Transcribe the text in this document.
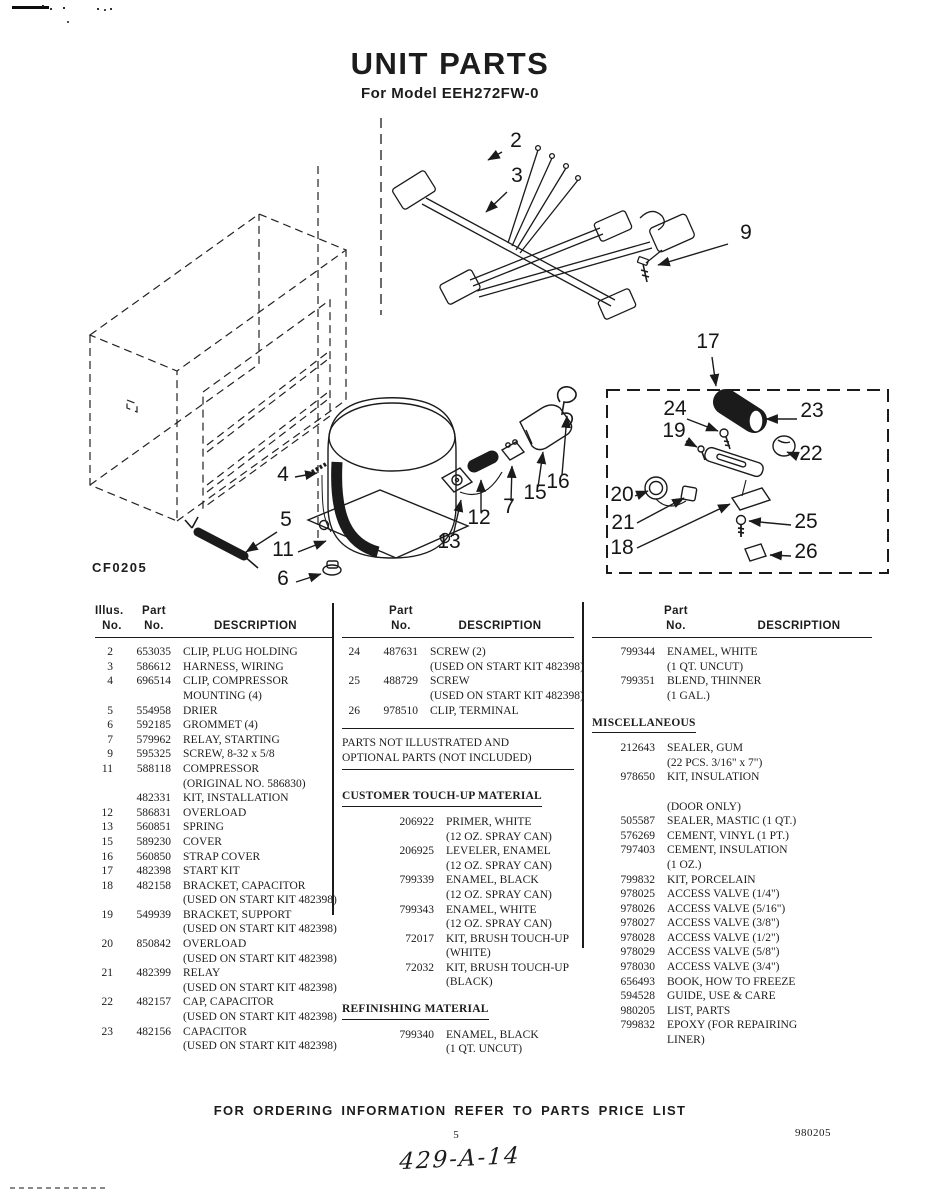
UNIT PARTS
For Model EEH272FW-0
2
3
9
4
5
11
6
13
12 7
15 16
17
24
19
23
22
20
21
18
25
26
CF0205
Illus.	Part
No.	No.	DESCRIPTION
2	653035 CLIP, PLUG HOLDING
3	586612 HARNESS, WIRING
4	696514 CLIP, COMPRESSOR
MOUNTING (4)
5	554958 DRIER
6	592185 GROMMET (4)
7	579962 RELAY, STARTING
9	595325 SCREW, 8-32 x 5/8
11	588118 COMPRESSOR
(ORIGINAL NO. 586830)
482331 KIT, INSTALLATION
12	586831 OVERLOAD
13	560851 SPRING
15	589230 COVER
16	560850 STRAP COVER
17	482398 START KIT
18	482158 BRACKET, CAPACITOR
(USED ON START KIT 482398)
19	549939 BRACKET, SUPPORT
(USED ON START KIT 482398)
20	850842 OVERLOAD
(USED ON START KIT 482398)
21	482399 RELAY
(USED ON START KIT 482398)
22	482157 CAP, CAPACITOR
(USED ON START KIT 482398)
23	482156 CAPACITOR
(USED ON START KIT 482398)
Part
No.	DESCRIPTION
24	487631 SCREW (2)
(USED ON START KIT 482398)
25	488729 SCREW
(USED ON START KIT 482398)
26	978510 CLIP, TERMINAL
PARTS NOT ILLUSTRATED AND
OPTIONAL PARTS (NOT INCLUDED)
CUSTOMER TOUCH-UP MATERIAL
206922 PRIMER, WHITE
(12 OZ. SPRAY CAN)
206925 LEVELER, ENAMEL
(12 OZ. SPRAY CAN)
799339 ENAMEL, BLACK
(12 OZ. SPRAY CAN)
799343 ENAMEL, WHITE
(12 OZ. SPRAY CAN)
72017 KIT, BRUSH TOUCH-UP
(WHITE)
72032 KIT, BRUSH TOUCH-UP
(BLACK)
REFINISHING MATERIAL
799340 ENAMEL, BLACK
(1 QT. UNCUT)
Part
No.	DESCRIPTION
799344 ENAMEL, WHITE
(1 QT. UNCUT)
799351 BLEND, THINNER
(1 GAL.)
MISCELLANEOUS
212643 SEALER, GUM
(22 PCS. 3/16" x 7")
978650 KIT, INSULATION
(DOOR ONLY)
505587 SEALER, MASTIC (1 QT.)
576269 CEMENT, VINYL (1 PT.)
797403 CEMENT, INSULATION
(1 OZ.)
799832 KIT, PORCELAIN
978025 ACCESS VALVE (1/4")
978026 ACCESS VALVE (5/16")
978027 ACCESS VALVE (3/8")
978028 ACCESS VALVE (1/2")
978029 ACCESS VALVE (5/8")
978030 ACCESS VALVE (3/4")
656493 BOOK, HOW TO FREEZE
594528 GUIDE, USE & CARE
980205 LIST, PARTS
799832 EPOXY (FOR REPAIRING
LINER)
FOR ORDERING INFORMATION REFER TO PARTS PRICE LIST
5	980205
429-A-14
